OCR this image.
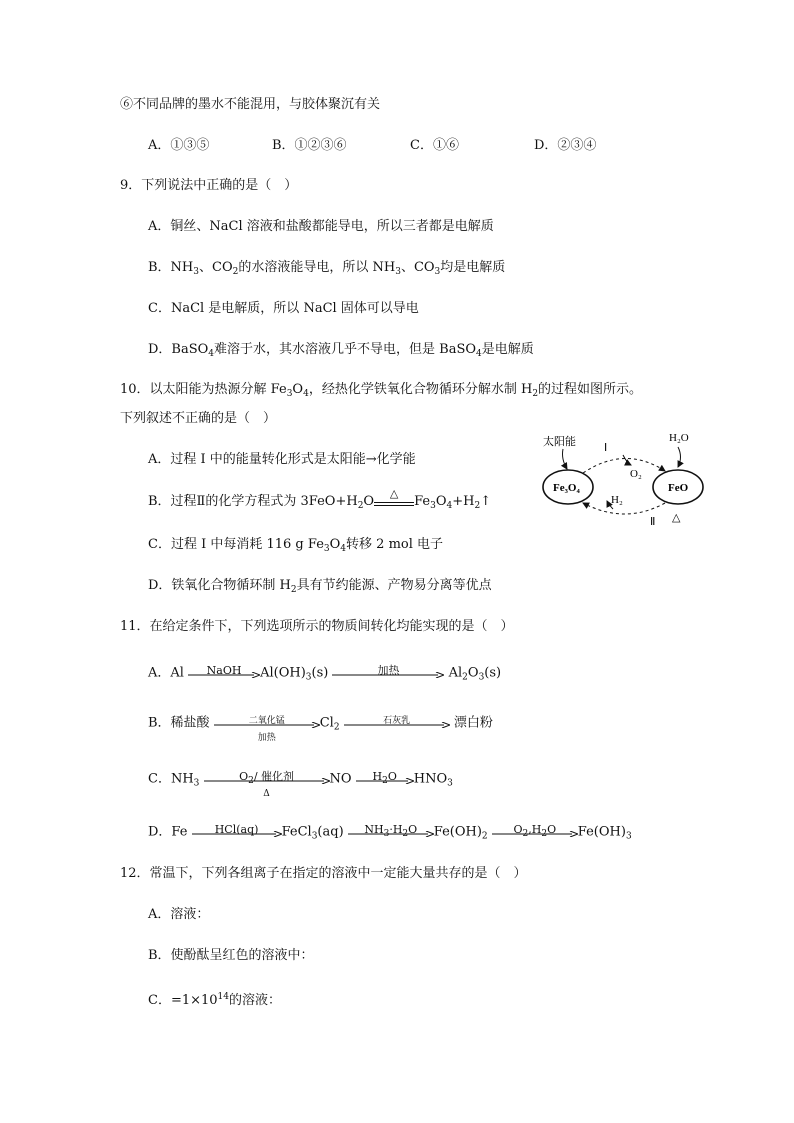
⑥不同品牌的墨水不能混用，与胶体聚沉有关
A．①③⑤	B．①②③⑥	C．①⑥	D．②③④
9．下列说法中正确的是（　）
A．铜丝、NaCl 溶液和盐酸都能导电，所以三者都是电解质
B．$NH_3$、$CO_2$的水溶液能导电，所以 $NH_3$、$CO_3$均是电解质
C．NaCl 是电解质，所以 NaCl 固体可以导电
D．BaSO$_4$难溶于水，其水溶液几乎不导电，但是 BaSO$_4$是电解质
10．以太阳能为热源分解 $Fe_3O_4$，经热化学铁氧化合物循环分解水制 $H_2$的过程如图所示。
下列叙述不正确的是（　）
A．过程 I 中的能量转化形式是太阳能→化学能
B．过程Ⅱ的化学方程式为 $3FeO+H_2O$
△
$Fe_3O_4+H_2↑$
C．过程 I 中每消耗 116 g $Fe_3O_4$转移 2 mol 电子
D．铁氧化合物循环制 $H_2$具有节约能源、产物易分离等优点
太阳能	H₂O
Fe₃O₄	FeO
O₂
H₂
Ⅰ
Ⅱ △
11．在给定条件下，下列选项所示的物质间转化均能实现的是（　）
A．Al	NaOH	$Al(OH)_3(s)$	加热	$Al_2O_3(s)$
B．稀盐酸	二氧化锰
加热
$Cl_2$
石灰乳	漂白粉
C．$NH_3$
$O_2/$ 催化剂
Δ
NO	$H_2O$	$HNO_3$
D．Fe	HCl(aq)	FeCl$_3$(aq)	$NH_3\cdot H_2O$	$Fe(OH)_2$
$O_2,H_2O$	$Fe(OH)_3$
12．常温下，下列各组离子在指定的溶液中一定能大量共存的是（　）
A．溶液：
B．使酚酞呈红色的溶液中：
C．$=1\times 10^{14}$的溶液：
